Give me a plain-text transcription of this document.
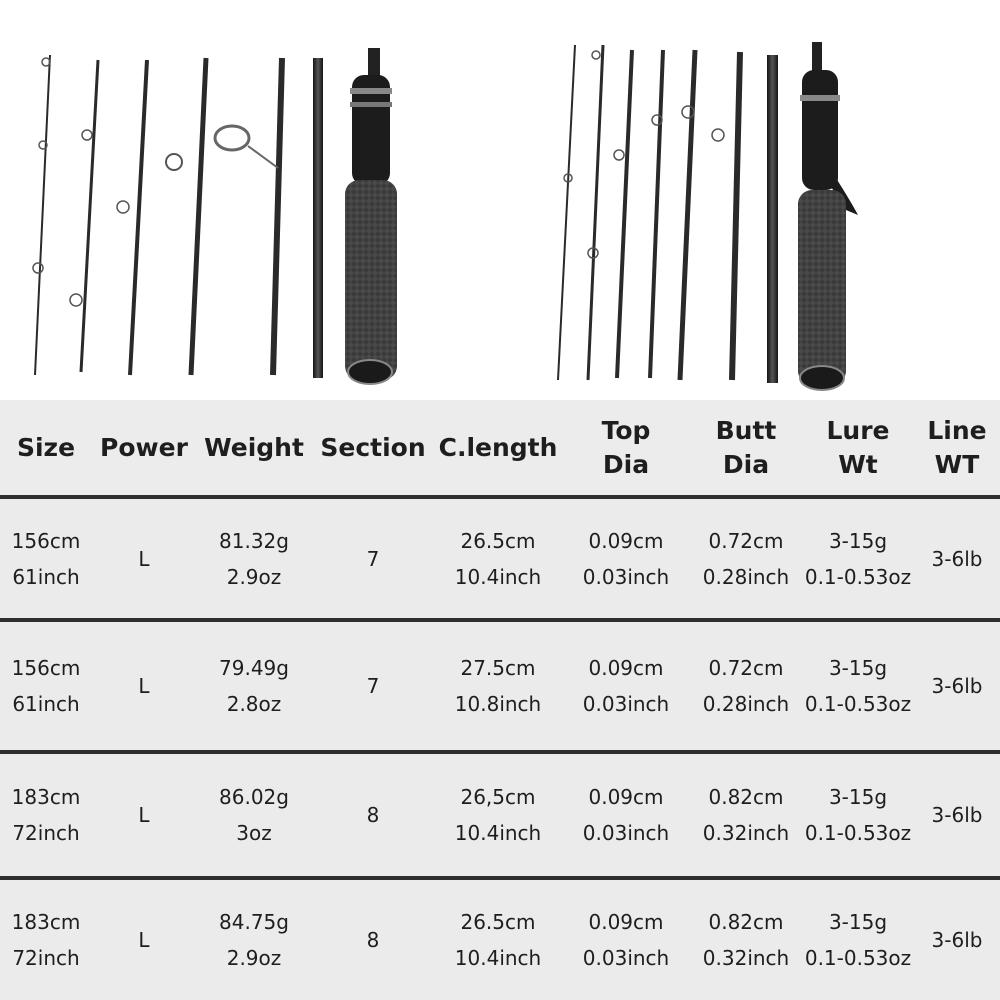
Size Power Weight Section C.length
Top
Dia
Butt
Dia
Lure
Wt
Line
WT
156cm
61inch
L
81.32g
2.9oz
7
26.5cm
10.4inch
0.09cm
0.03inch
0.72cm
0.28inch
3-15g
0.1-0.53oz
3-6lb
156cm
61inch
L
79.49g
2.8oz
7
27.5cm
10.8inch
0.09cm
0.03inch
0.72cm
0.28inch
3-15g
0.1-0.53oz
3-6lb
183cm
72inch
L
86.02g
3oz
8
26,5cm
10.4inch
0.09cm
0.03inch
0.82cm
0.32inch
3-15g
0.1-0.53oz
3-6lb
183cm
72inch
L
84.75g
2.9oz
8
26.5cm
10.4inch
0.09cm
0.03inch
0.82cm
0.32inch
3-15g
0.1-0.53oz
3-6lb
